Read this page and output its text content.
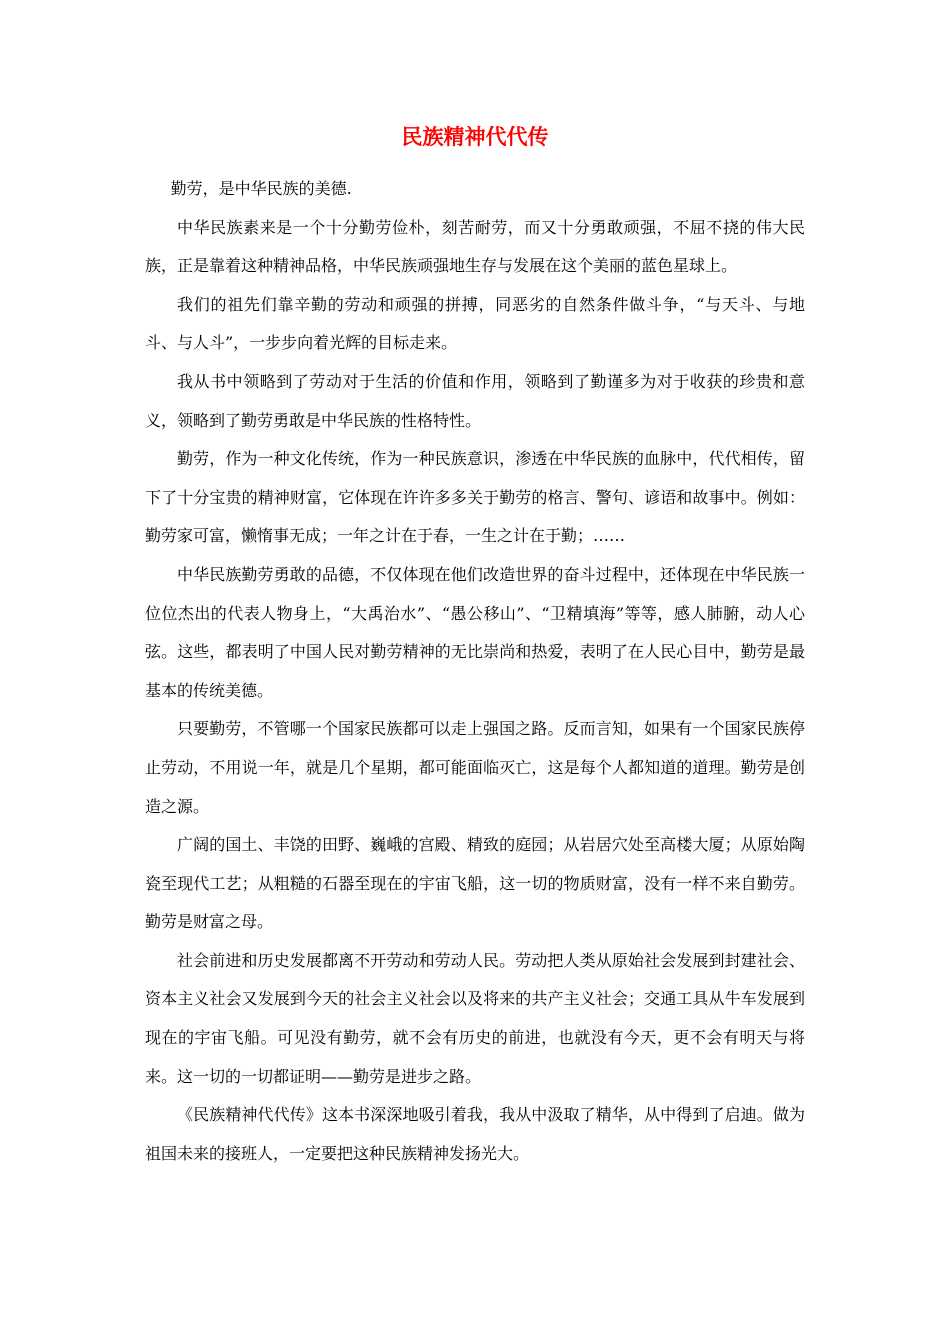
民族精神代代传

勤劳，是中华民族的美德.

中华民族素来是一个十分勤劳俭朴，刻苦耐劳，而又十分勇敢顽强，不屈不挠的伟大民族，正是靠着这种精神品格，中华民族顽强地生存与发展在这个美丽的蓝色星球上。

我们的祖先们靠辛勤的劳动和顽强的拼搏，同恶劣的自然条件做斗争，“与天斗、与地斗、与人斗”，一步步向着光辉的目标走来。

我从书中领略到了劳动对于生活的价值和作用，领略到了勤谨多为对于收获的珍贵和意义，领略到了勤劳勇敢是中华民族的性格特性。

勤劳，作为一种文化传统，作为一种民族意识，渗透在中华民族的血脉中，代代相传，留下了十分宝贵的精神财富，它体现在许许多多关于勤劳的格言、警句、谚语和故事中。例如：勤劳家可富，懒惰事无成；一年之计在于春，一生之计在于勤；……

中华民族勤劳勇敢的品德，不仅体现在他们改造世界的奋斗过程中，还体现在中华民族一位位杰出的代表人物身上，“大禹治水”、“愚公移山”、“卫精填海”等等，感人肺腑，动人心弦。这些，都表明了中国人民对勤劳精神的无比崇尚和热爱，表明了在人民心目中，勤劳是最基本的传统美德。

只要勤劳，不管哪一个国家民族都可以走上强国之路。反而言知，如果有一个国家民族停止劳动，不用说一年，就是几个星期，都可能面临灭亡，这是每个人都知道的道理。勤劳是创造之源。

广阔的国土、丰饶的田野、巍峨的宫殿、精致的庭园；从岩居穴处至高楼大厦；从原始陶瓷至现代工艺；从粗糙的石器至现在的宇宙飞船，这一切的物质财富，没有一样不来自勤劳。勤劳是财富之母。

社会前进和历史发展都离不开劳动和劳动人民。劳动把人类从原始社会发展到封建社会、资本主义社会又发展到今天的社会主义社会以及将来的共产主义社会；交通工具从牛车发展到现在的宇宙飞船。可见没有勤劳，就不会有历史的前进，也就没有今天，更不会有明天与将来。这一切的一切都证明——勤劳是进步之路。

《民族精神代代传》这本书深深地吸引着我，我从中汲取了精华，从中得到了启迪。做为祖国未来的接班人，一定要把这种民族精神发扬光大。
